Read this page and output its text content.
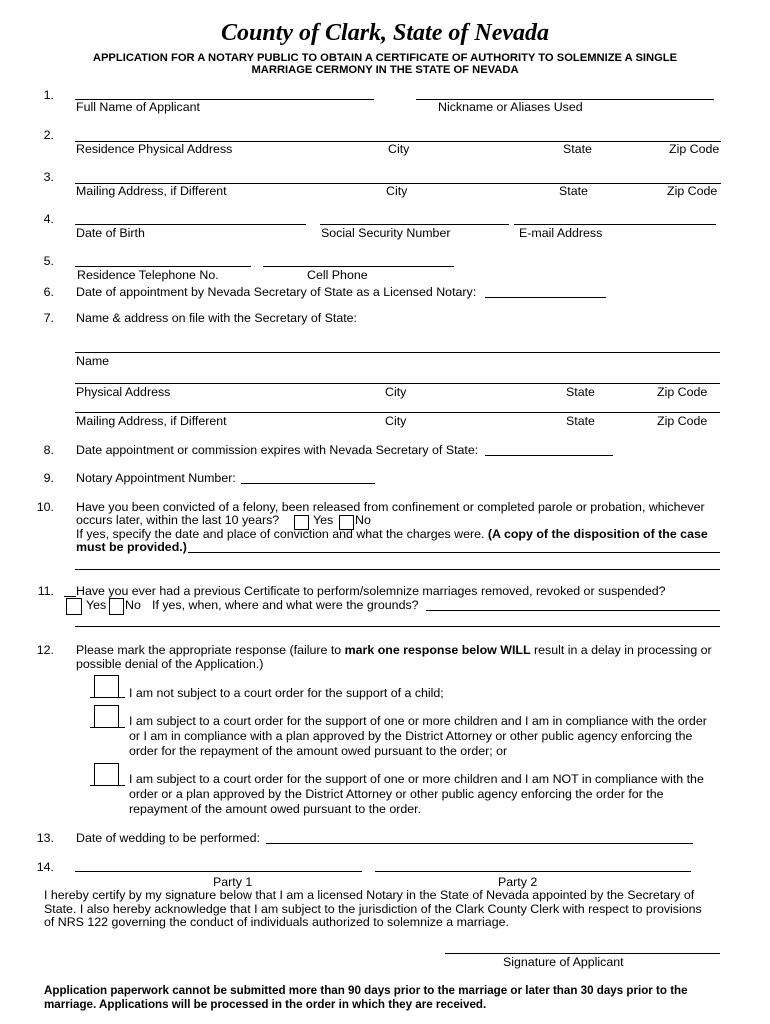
County of Clark, State of Nevada
APPLICATION FOR A NOTARY PUBLIC TO OBTAIN A CERTIFICATE OF AUTHORITY TO SOLEMNIZE A SINGLE
MARRIAGE CERMONY IN THE STATE OF NEVADA
1.
Full Name of Applicant	Nickname or Aliases Used
2.
Residence Physical Address	City	State	Zip Code
3.
Mailing Address, if Different	City	State	Zip Code
4.
Date of Birth	Social Security Number	E-mail Address
5.
Residence Telephone No.	Cell Phone
6. Date of appointment by Nevada Secretary of State as a Licensed Notary:
7. Name & address on file with the Secretary of State:
Name
Physical Address	City	State	Zip Code
Mailing Address, if Different	City	State	Zip Code
8. Date appointment or commission expires with Nevada Secretary of State:
9. Notary Appointment Number:
10. Have you been convicted of a felony, been released from confinement or completed parole or probation, whichever
occurs later, within the last 10 years?	Yes No
If yes, specify the date and place of conviction and what the charges were. (A copy of the disposition of the case
must be provided.)
11. Have you ever had a previous Certificate to perform/solemnize marriages removed, revoked or suspended?
Yes No If yes, when, where and what were the grounds?
12. Please mark the appropriate response (failure to mark one response below WILL result in a delay in processing or
possible denial of the Application.)
I am not subject to a court order for the support of a child;
I am subject to a court order for the support of one or more children and I am in compliance with the order
or I am in compliance with a plan approved by the District Attorney or other public agency enforcing the
order for the repayment of the amount owed pursuant to the order; or
I am subject to a court order for the support of one or more children and I am NOT in compliance with the
order or a plan approved by the District Attorney or other public agency enforcing the order for the
repayment of the amount owed pursuant to the order.
13. Date of wedding to be performed:
14.
Party 1	Party 2
I hereby certify by my signature below that I am a licensed Notary in the State of Nevada appointed by the Secretary of
State. I also hereby acknowledge that I am subject to the jurisdiction of the Clark County Clerk with respect to provisions
of NRS 122 governing the conduct of individuals authorized to solemnize a marriage.
Signature of Applicant
Application paperwork cannot be submitted more than 90 days prior to the marriage or later than 30 days prior to the
marriage. Applications will be processed in the order in which they are received.
